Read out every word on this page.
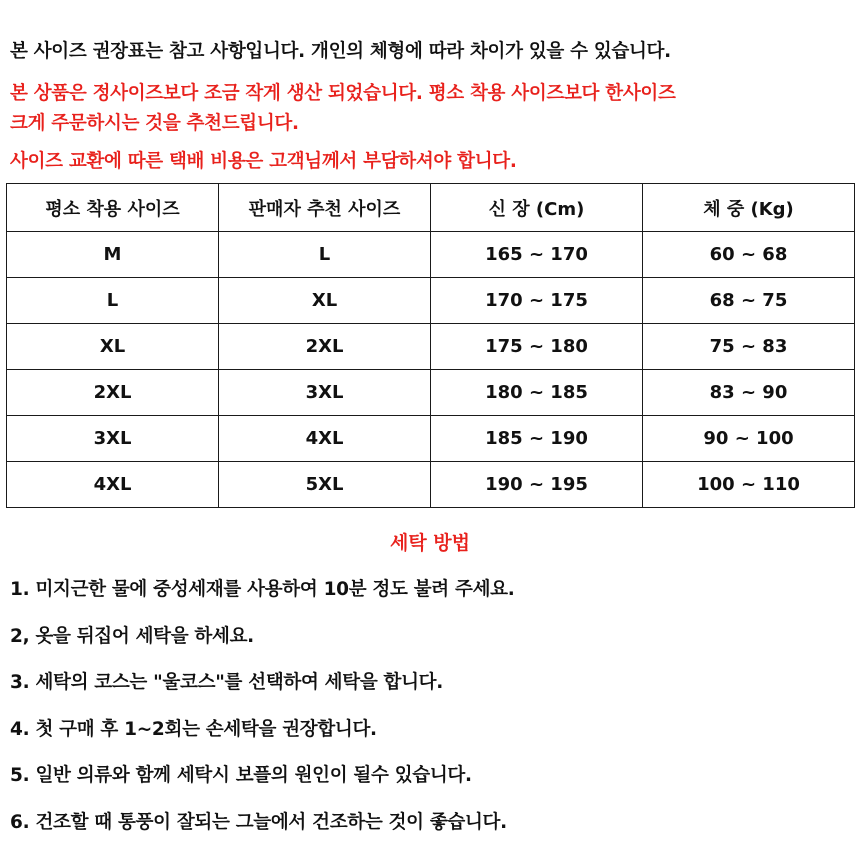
본 사이즈 권장표는 참고 사항입니다. 개인의 체형에 따라 차이가 있을 수 있습니다.
본 상품은 정사이즈보다 조금 작게 생산 되었습니다. 평소 착용 사이즈보다 한사이즈
크게 주문하시는 것을 추천드립니다.
사이즈 교환에 따른 택배 비용은 고객님께서 부담하셔야 합니다.
평소 착용 사이즈	판매자 추천 사이즈	신 장 (Cm)	체 중 (Kg)
M	L	165 ~ 170	60 ~ 68
L	XL	170 ~ 175	68 ~ 75
XL	2XL	175 ~ 180	75 ~ 83
2XL	3XL	180 ~ 185	83 ~ 90
3XL	4XL	185 ~ 190	90 ~ 100
4XL	5XL	190 ~ 195	100 ~ 110
세탁 방법
1. 미지근한 물에 중성세재를 사용하여 10분 정도 불려 주세요.
2, 옷을 뒤집어 세탁을 하세요.
3. 세탁의 코스는 "울코스"를 선택하여 세탁을 합니다.
4. 첫 구매 후 1~2회는 손세탁을 권장합니다.
5. 일반 의류와 함께 세탁시 보플의 원인이 될수 있습니다.
6. 건조할 때 통풍이 잘되는 그늘에서 건조하는 것이 좋습니다.
